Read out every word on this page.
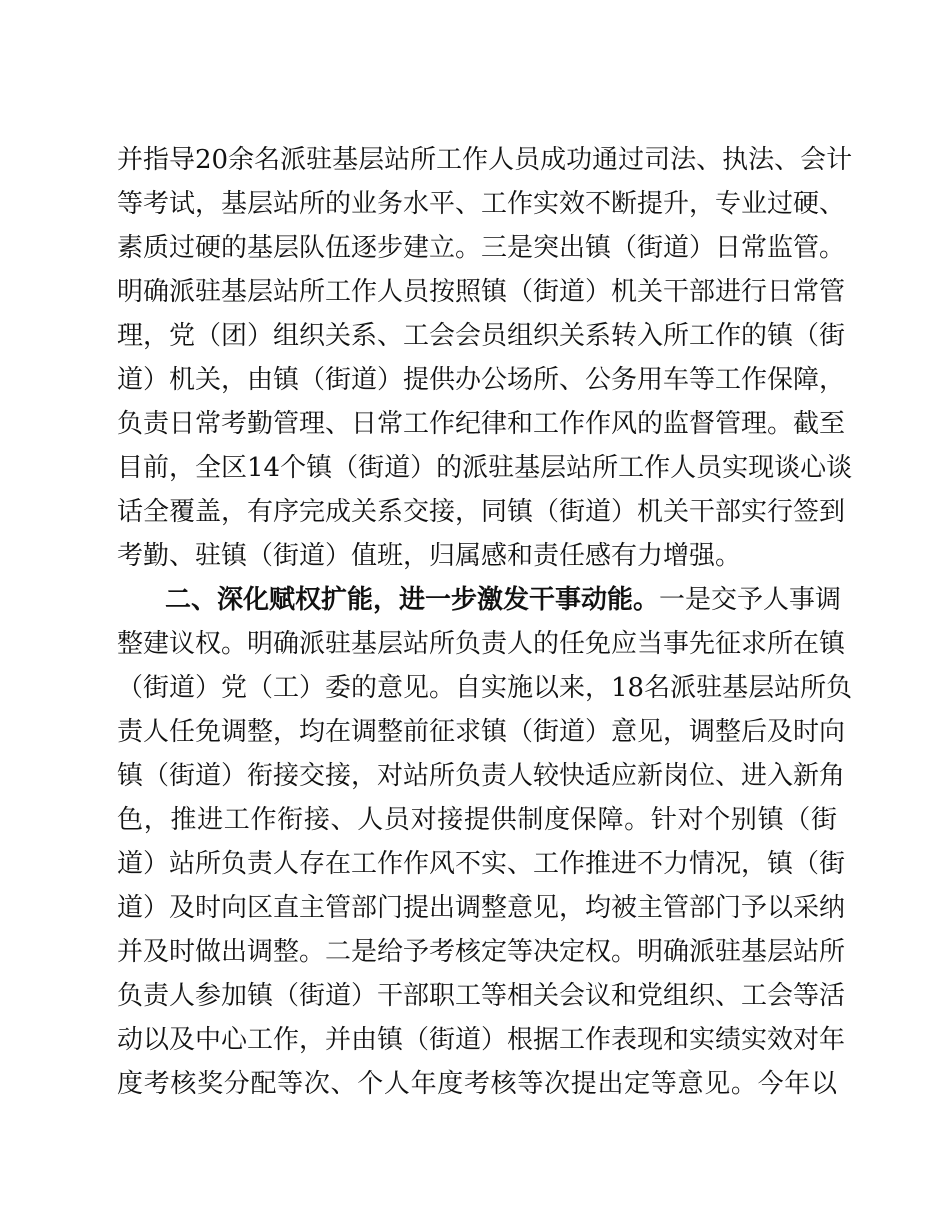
并指导20余名派驻基层站所工作人员成功通过司法、执法、会计
等考试，基层站所的业务水平、工作实效不断提升，专业过硬、
素质过硬的基层队伍逐步建立。三是突出镇（街道）日常监管。
明确派驻基层站所工作人员按照镇（街道）机关干部进行日常管
理，党（团）组织关系、工会会员组织关系转入所工作的镇（街
道）机关，由镇（街道）提供办公场所、公务用车等工作保障，
负责日常考勤管理、日常工作纪律和工作作风的监督管理。截至
目前，全区14个镇（街道）的派驻基层站所工作人员实现谈心谈
话全覆盖，有序完成关系交接，同镇（街道）机关干部实行签到
考勤、驻镇（街道）值班，归属感和责任感有力增强。
二、深化赋权扩能，进一步激发干事动能。一是交予人事调
整建议权。明确派驻基层站所负责人的任免应当事先征求所在镇
（街道）党（工）委的意见。自实施以来，18名派驻基层站所负
责人任免调整，均在调整前征求镇（街道）意见，调整后及时向
镇（街道）衔接交接，对站所负责人较快适应新岗位、进入新角
色，推进工作衔接、人员对接提供制度保障。针对个别镇（街
道）站所负责人存在工作作风不实、工作推进不力情况，镇（街
道）及时向区直主管部门提出调整意见，均被主管部门予以采纳
并及时做出调整。二是给予考核定等决定权。明确派驻基层站所
负责人参加镇（街道）干部职工等相关会议和党组织、工会等活
动以及中心工作，并由镇（街道）根据工作表现和实绩实效对年
度考核奖分配等次、个人年度考核等次提出定等意见。今年以
